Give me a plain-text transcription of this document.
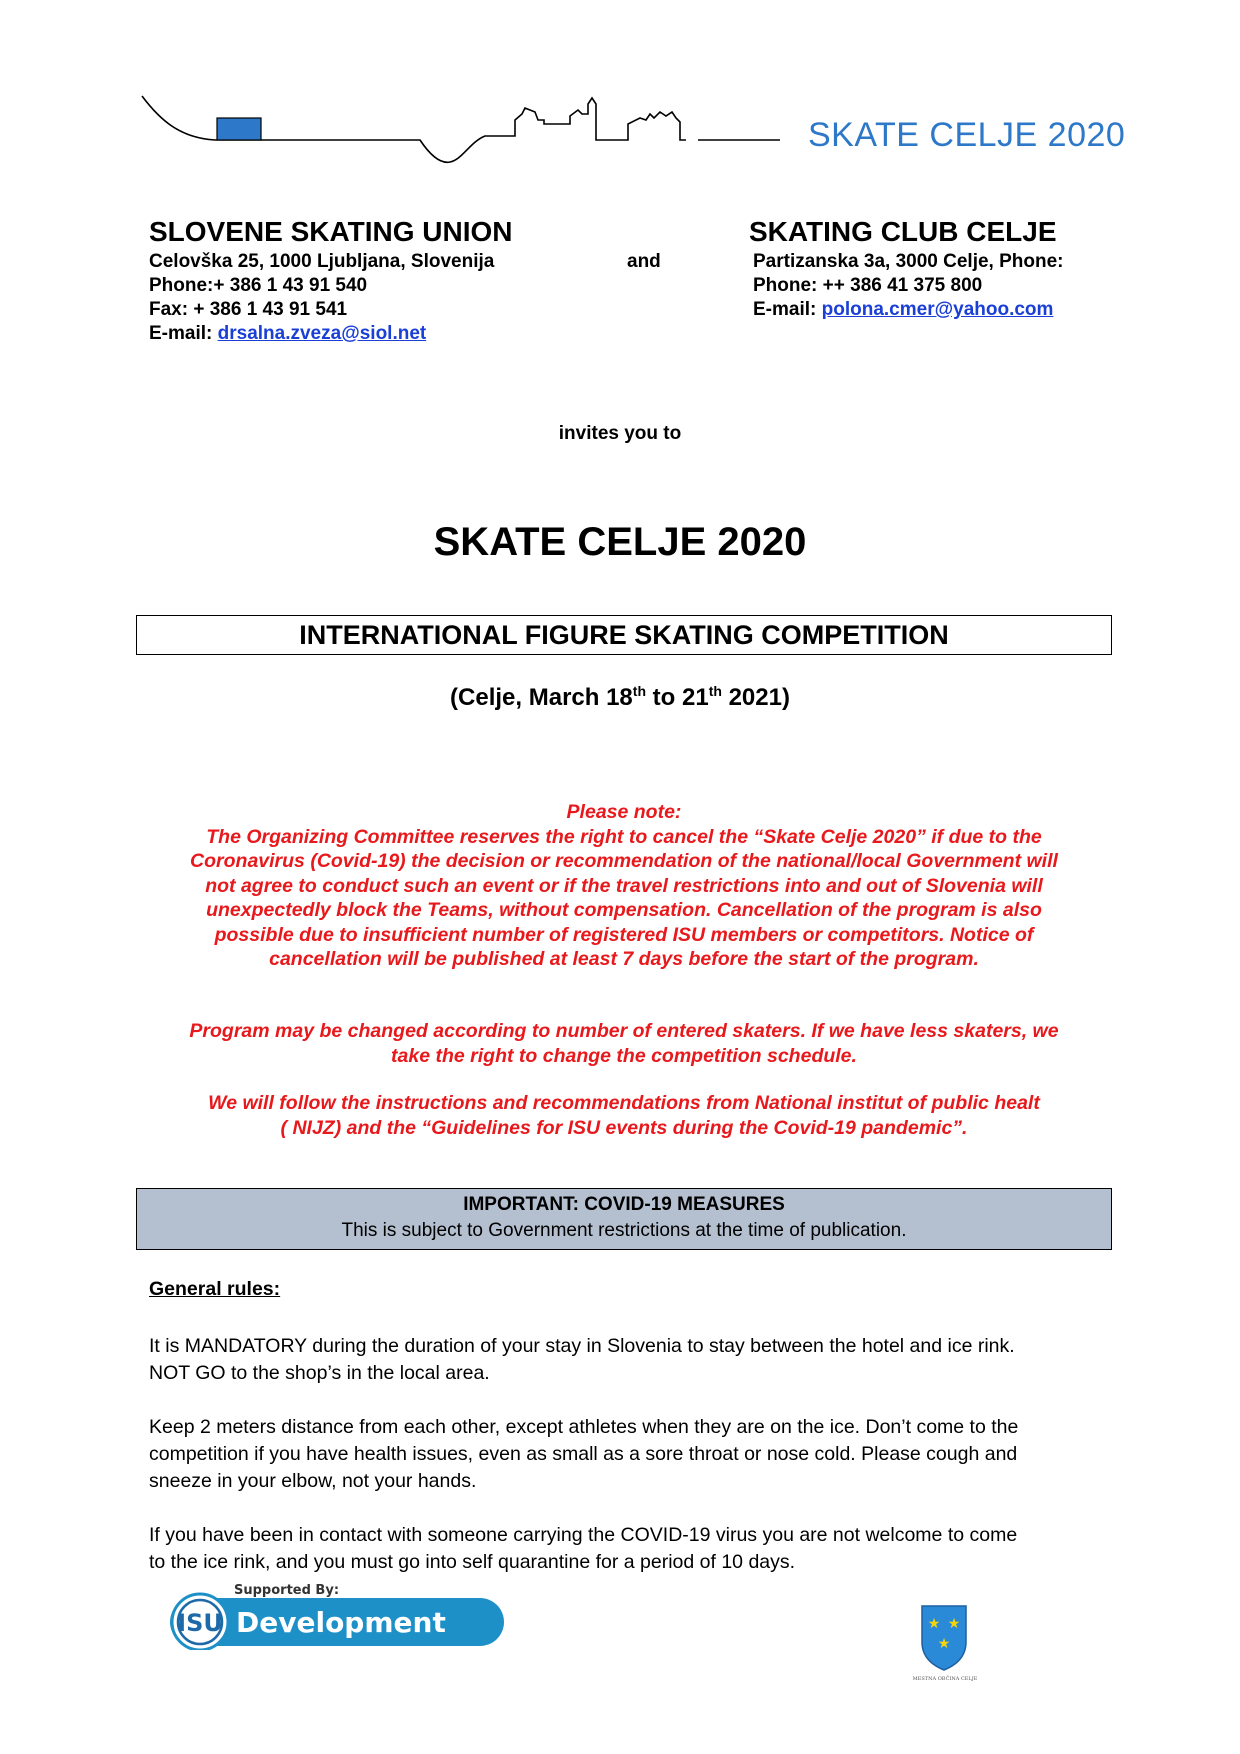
SKATE CELJE 2020
SLOVENE SKATING UNION
Celovška 25, 1000 Ljubljana, Slovenija
Phone:+ 386 1 43 91 540
Fax: + 386 1 43 91 541
E-mail: drsalna.zveza@siol.net
and
SKATING CLUB CELJE
Partizanska 3a, 3000 Celje, Phone:
Phone: ++ 386 41 375 800
E-mail: polona.cmer@yahoo.com
invites you to
SKATE CELJE 2020
INTERNATIONAL FIGURE SKATING COMPETITION
(Celje, March 18th to 21th 2021)
Please note:
The Organizing Committee reserves the right to cancel the “Skate Celje 2020” if due to the
Coronavirus (Covid-19) the decision or recommendation of the national/local Government will
not agree to conduct such an event or if the travel restrictions into and out of Slovenia will
unexpectedly block the Teams, without compensation. Cancellation of the program is also
possible due to insufficient number of registered ISU members or competitors. Notice of
cancellation will be published at least 7 days before the start of the program.
Program may be changed according to number of entered skaters. If we have less skaters, we
take the right to change the competition schedule.
We will follow the instructions and recommendations from National institut of public healt
( NIJZ) and the “Guidelines for ISU events during the Covid-19 pandemic”.
IMPORTANT: COVID-19 MEASURES
This is subject to Government restrictions at the time of publication.
General rules:
It is MANDATORY during the duration of your stay in Slovenia to stay between the hotel and ice rink.
NOT GO to the shop’s in the local area.
Keep 2 meters distance from each other, except athletes when they are on the ice. Don’t come to the
competition if you have health issues, even as small as a sore throat or nose cold. Please cough and
sneeze in your elbow, not your hands.
If you have been in contact with someone carrying the COVID-19 virus you are not welcome to come
to the ice rink, and you must go into self quarantine for a period of 10 days.
ISU
Supported By:
Development	★ ★
★
MESTNA OBČINA CELJE
